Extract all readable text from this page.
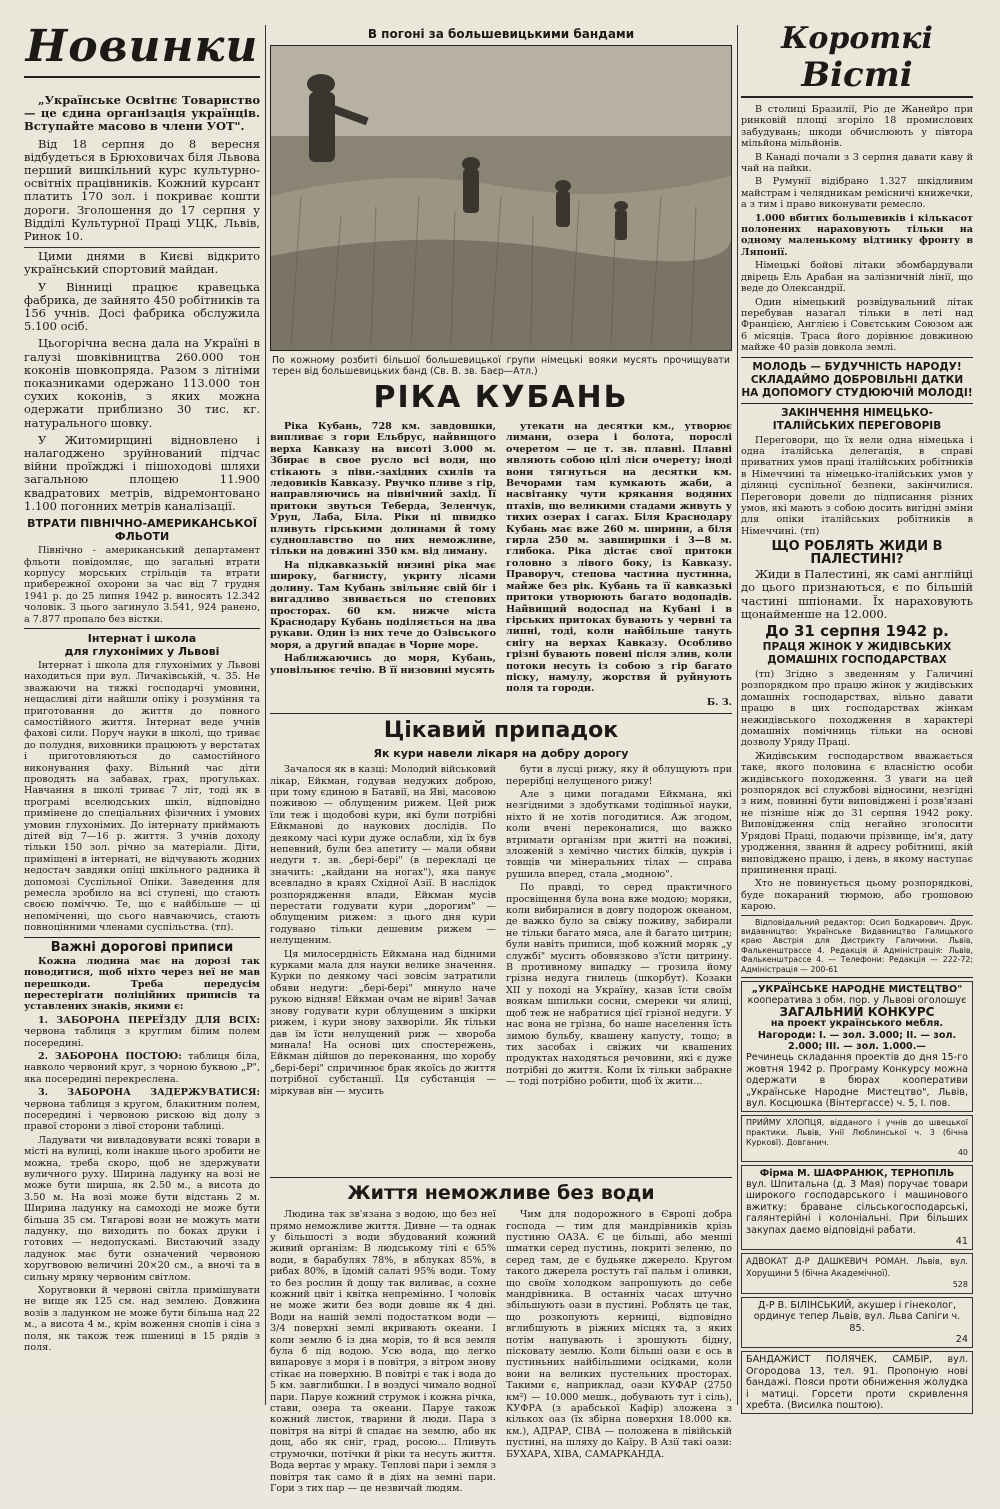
Новинки

„Українське Освітнє Товариство — це єдина організація українців. Вступайте масово в члени УОТ".

Від 18 серпня до 8 вересня відбудеться в Брюховичах біля Львова перший вишкільний курс культурно-освітніх працівників. Кожний курсант платить 170 зол. і покриває кошти дороги. Зголошення до 17 серпня у Відділі Культурної Праці УЦК, Львів, Ринок 10.

Цими днями в Києві відкрито український спортовий майдан.

У Вінниці працює кравецька фабрика, де зайнято 450 робітників та 156 учнів. Досі фабрика обслужила 5.100 осіб.

Цьогорічна весна дала на Україні в галузі шовківництва 260.000 тон коконів шовкопряда. Разом з літніми показниками одержано 113.000 тон сухих коконів, з яких можна одержати приблизно 30 тис. кг. натурального шовку.

У Житомирщині відновлено і налагоджено зруйнований підчас війни проїжджі і пішоходові шляхи загальною площею 11.900 квадратових метрів, відремонтовано 1.100 погонних метрів каналізації.

ВТРАТИ ПІВНІЧНО-АМЕРИКАНСЬКОЇ ФЛЬОТИ

Північно - американський департамент фльоти повідомляє, що загальні втрати корпусу морських стрільців та втрати прибережної охорони за час від 7 грудня 1941 р. до 25 липня 1942 р. виносять 12.342 чоловік. З цього загинуло 3.541, 924 ранено, а 7.877 пропало без вістки.

Інтернат і школа
для глухонімих у Львові

Інтернат і школа для глухонімих у Львові находиться при вул. Личаківській, ч. 35. Не зважаючи на тяжкі господарчі умовини, нещасливі діти найшли опіку і розуміння та приготовання до життя до повного самостійного життя. Інтернат веде учнів фахові сили. Поруч науки в школі, що триває до полудня, виховники працюють у верстатах і приготовляються до самостійного виконування фаху. Вільний час діти проводять на забавах, грах, прогульках. Навчання в школі триває 7 літ, тоді як в програмі вселюдських шкіл, відповідно примінене до спеціальних фізичних і умових умовин глухонімих. До інтернату приймають дітей від 7—16 р. життя. З учнів доходу тільки 150 зол. річно за матеріали. Діти, приміщені в інтернаті, не відчувають жодних недостач завдяки опіці шкільного радника й допомозі Суспільної Опіки. Заведення для ремесла зробило на всі ступені, що стають своєю поміччю. Те, що є найбільше — ці непоміченні, що сього навчаючись, стають повноцінними членами суспільства. (тп).

Важні дорогові приписи

Кожна людина має на дорозі так поводитися, щоб ніхто через неї не мав перешкоди. Треба передусім перестерігати поліційних приписів та уставлених знаків, якими є:

1. ЗАБОРОНА ПЕРЕЇЗДУ ДЛЯ ВСІХ: червона таблиця з круглим білим полем посередині.

2. ЗАБОРОНА ПОСТОЮ: таблиця біла, навколо червоний круг, з чорною буквою „Р", яка посередині перекреслена.

3. ЗАБОРОНА ЗАДЕРЖУВАТИСЯ: червона таблиця з кругом, блакитним полем, посередині і червоною рискою від долу з правої сторони з лівої сторони таблиці.

Ладувати чи вивладовувати всякі товари в місті на вулиці, коли інакше цього зробити не можна, треба скоро, щоб не здержувати вуличного руху. Ширина ладунку на возі не може бути ширша, як 2.50 м., а висота до 3.50 м. На возі може бути відстань 2 м. Ширина ладунку на самоході не може бути більша 35 см. Тягарові вози не можуть мати ладунку, що виходить по боках друки і готових — недопускамі. Вистаючий ззаду ладунок має бути означений червоною хоругвовою величині 20×20 см., а вночі та в сильну мряку червоним світлом.

Хоругвовки й червоні світла примішувати не вище як 125 см. над землею. Довжина возів з ладунком не може бути більша над 22 м., а висота 4 м., крім воження снопів і сіна з поля, як також теж пшениці в 15 рядів з поля.

В погоні за большевицькими бандами
По кожному розбиті більшої большевицької групи німецькі вояки мусять прочищувати терен від большевицьких банд (Св. В. зв. Баєр—Атл.)
РІКА КУБАНЬ

Ріка Кубань, 728 км. завдовшки, випливає з гори Ельбрус, найвищого верха Кавказу на висоті 3.000 м. Збирає в свое русло всі води, що стікають з півн.-західних схилів та ледовиків Кавказу. Рвучко пливе з гір, направляючись на північний захід. Її притоки звуться Теберда, Зеленчук, Уруп, Лаба, Біла. Ріки ці швидко пливуть гірськими долинами й тому судноплавство по них неможливе, тільки на довжині 350 км. від лиману.

На підкавказькій низині ріка має широку, багнисту, укриту лісами долину. Там Кубань звільняє свій біг і вигадливо звивається по степових просторах. 60 км. нижче міста Краснодару Кубань поділяється на два рукави. Один із них тече до Озівського моря, а другий впадає в Чорне море.

Наближаючись до моря, Кубань, уповільнює течію. В її низовині мусять

утекати на десятки км., утворює лимани, озера і болота, порослі очеретом — це т. зв. плавні. Плавні являють собою цілі ліси очерету; іноді вони тягнуться на десятки км. Вечорами там кумкають жаби, а насвітанку чути крякання водяних птахів, що великими стадами живуть у тихих озерах і сагах. Біля Краснодару Кубань має вже 260 м. ширини, а біля гирла 250 м. завширшки і 3—8 м. глибока. Ріка дістає свої притоки головно з лівого боку, із Кавказу. Праворуч, степова частина пустинна, майже без рік. Кубань та її кавказькі притоки утворюють багато водопадів. Найвищий водоспад на Кубані і в гірських притоках бувають у червні та липні, тоді, коли найбільше тануть снігу на верхах Кавказу. Особливо грізні бувають повені після злив, коли потоки несуть із собою з гір багато піску, намулу, жорствя й руйнують поля та городи.

Б. З.

Цікавий припадок
Як кури навели лікаря на добру дорогу

Зачалося як в казці: Молодий військовий лікар, Ейкман, годував недужих доброю, при тому єдиною в Батавії, на Яві, масовою поживою — облущеним рижем. Цей риж їли теж і щодобові кури, які були потрібні Ейкманові до наукових дослідів. По деякому часі кури дуже ослабли, хід їх був непевний, були без апетиту — мали обяви недуги т. зв. „бері-бері" (в перекладі це значить: „кайдани на ногах"), яка панує всевладно в краях Східної Азії. В наслідок розпорядження влади, Ейкман мусів перестати годувати кури „дорогим" — облущеним рижем: з цього дня кури годувано тільки дешевим рижем — нелущеним.

Ця милосердність Ейкмана над бідними курками мала для науки велике значення. Курки по деякому часі зовсім затратили обяви недуги: „бері-бері" минуло наче рукою відняв! Ейкман очам не вірив! Зачав знову годувати кури облущеним з шкірки рижем, і кури знову захворіли. Як тільки дав їм їсти нелущений риж — хвороба минала! На основі цих спостережень, Ейкман дійшов до переконання, що хоробу „бері-бері" спричинює брак якоїсь до життя потрібної субстанції. Ця субстанція — міркував він — мусить

бути в лусці рижу, яку й облущують при перерібці нелущеного рижу!

Але з цими погадами Ейкмана, які незгідними з здобутками тодішньої науки, ніхто й не хотів погодитися. Аж згодом, коли вчені переконалися, що важко втримати організм при житті на поживі, зложеній з хемічно чистих білків, цукрів і товщів чи мінеральних тілах — справа рушила вперед, стала „модною".

По правді, то серед практичного просвіщення була вона вже модою; моряки, коли вибиралися в довгу подорож океаном, де важко було за свіжу поживу, забирали не тільки багато мяса, але й багато цитрин; були навіть приписи, щоб кожний моряк „у службі" мусить обовязково з'їсти цитрину. В противному випадку — грозила йому грізна недуга гнилець (шкорбут). Козаки XII у поході на Україну, казав їсти своїм воякам шпильки сосни, смереки чи ялиці, щоб теж не набратися цієї грізної недуги. У нас вона не грізна, бо наше населення їсть зимою бульбу, квашену капусту, тощо; в тих засобах і свіжих чи квашених продуктах находяться речовини, які є дуже потрібні до життя. Коли їх тільки забракне — тоді потрібно робити, щоб їх жити...

Життя неможливе без води

Людина так зв'язана з водою, що без неї прямо неможливе життя. Дивне — та однак у більшості з води збудований кожний живий організм: В людському тілі є 65% води, в барабулях 78%, в яблуках 85%, в рибах 80%, в їдомій салаті 95% води. Тому то без рослин й дощу так виливає, а сохне кожний цвіт і квітка непремінно. І чоловік не може жити без води довше як 4 дні. Води на нашій землі подостатком води — 3/4 поверхні землі вкривають океани. І коли землю б із дна морів, то й вся земля була б під водою. Усю вода, що легко випаровує з моря і в повітря, з вітром знову стікає на поверхню. В повітрі є так і вода до 5 км. завглибшки. І в воздусі чимало водної пари. Паруе кожний струмок і кожна річка, стави, озера та океани. Паруе також кожний листок, тварини й люди. Пара з повітря на вітрі й спадає на землю, або як дощ, або як сніг, град, росою... Пливуть струмочки, потічки й ріки та несуть життя. Вода вертає у мраку. Теплові пари і земля з повітря так само й в діях на земні пари. Гори з тих пар — це незвичай людям.

Чим для подорожного в Європі добра господа — тим для мандрівників крізь пустиню ОАЗА. Є це більші, або менші шматки серед пустинь, покриті зеленю, по серед там, де є будьяке джерело. Кругом такого джерела ростуть гаї пальм і оливки, що своїм холодком запрошують до себе мандрівника. В останніх часах штучно збільшують оази в пустині. Роблять це так, що розкопують керниці, відповідно вглибшують в ріжних місцях та, з яких потім напувають і зрошують бідну, пісковату землю. Коли більші оази є ось в пустиньних найбільшими осідками, коли вони на великих пустельних просторах. Такими є, наприклад, оази КУФАР (2750 км²) — 10.000 мешк., добувають тут і сіль), КУФРА (з арабської Кафір) зложена з кількох оаз (їх збірна поверхня 18.000 кв. км.), АДРАР, СІВА — положена в лівійській пустині, на шляху до Каїру. В Азії такі оази: БУХАРА, ХІВА, САМАРКАНДА.

Короткі
Вісті

В столиці Бразилії, Ріо де Жанейро при ринковій площі згоріло 18 промислових забудувань; шкоди обчислюють у півтора мільйона мільйонів.

В Канаді почали з 3 серпня давати каву й чай на пайки.

В Румунії відібрано 1.327 шкідливим майстрам і челядникам ремісничі книжечки, а з тим і право виконувати ремесло.

1.000 вбитих большевиків і кількасот полонених нараховують тільки на одному маленькому відтинку фронту в Ляпонії.

Німецькі бойові літаки збомбардували двірець Ель Арабан на залізничній лінії, що веде до Олександрії.

Один німецький розвідувальний літак перебував назагал тільки в леті над Францією, Англією і Совєтським Союзом аж 6 місяців. Траса його дорівнює довжиною майже 40 разів довкола землі.

МОЛОДЬ — БУДУЧНІСТЬ НАРОДУ! СКЛАДАЙМО ДОБРОВІЛЬНІ ДАТКИ НА ДОПОМОГУ СТУДЮЮЧІЙ МОЛОДІ!
ЗАКІНЧЕННЯ НІМЕЦЬКО-ІТАЛІЙСЬКИХ ПЕРЕГОВОРІВ

Переговори, що їх вели одна німецька і одна італійська делегація, в справі приватних умов праці італійських робітників в Німеччині та німецько-італійських умов у ділянці суспільної безпеки, закінчилися. Переговори довели до підписання різних умов, які мають з собою досить вигідні зміни для опіки італійських робітників в Німеччині. (тп)

ЩО РОБЛЯТЬ ЖИДИ В ПАЛЕСТИНІ?

Жиди в Палестині, як самі англійці до цього признаються, є по більшій частині шпіонами. Їх нараховують щонайменше на 12.000.

До 31 серпня 1942 р.
ПРАЦЯ ЖІНОК У ЖИДІВСЬКИХ ДОМАШНІХ ГОСПОДАРСТВАХ

(тп) Згідно з зведенням у Галичині розпорядком про працю жінок у жидівських домашніх господарствах, вільно давати працю в цих господарствах жінкам нежидівського походження в характері домашніх помічниць тільки на основі дозволу Уряду Праці.

Жидівським господарством вважається таке, якого половина є власністю особи жидівського походження. З уваги на цей розпорядок всі службові відносини, незгідні з ним, повинні бути виповіджені і розв'язані не пізніше ніж до 31 серпня 1942 року. Виповідження слід негайно зголосити Урядові Праці, подаючи прізвище, ім'я, дату уродження, звання й адресу робітниці, якій виповіджено працю, і день, в якому наступає припинення праці.

Хто не повинується цьому розпорядкові, буде покараний тюрмою, або грошовою карою.

Відповідальний редактор: Осип Бодкарович. Друк. видавництво: Українське Видавництво Галицького краю Австрія для Дистрикту Галичини. Львів, Фалькенштрассе 4. Редакція й Адміністрація: Львів, Фалькенштрассе 4. — Телефони: Редакція — 222-72; Адміністрація — 200-61

„УКРАЇНСЬКЕ НАРОДНЕ МИСТЕЦТВО"
кооператива з обм. пор. у Львові оголошує
ЗАГАЛЬНИЙ КОНКУРС
на проект українського мебля.
Нагороди: I. — зол. 3.000; II. — зол. 2.000; III. — зол. 1.000.—
Речинець складання проектів до дня 15-го жовтня 1942 р. Програму Конкурсу можна одержати в бюрах кооперативи „Українське Народне Мистецтво", Львів, вул. Косцюшка (Вінтергассе) ч. 5, І. пов.
ПРИЙМУ ХЛОПЦЯ, відданого і учнів до швецької практики. Львів, Унії Люблинської ч. 3 (бічна Курковї). Довганич.
40
Фірма М. ШАФРАНЮК, ТЕРНОПІЛЬ
вул. Шпитальна (д. 3 Мая) поручає товари широкого господарського і машинового вжитку: браване сільськогосподарські, галянтерійні і колоніальні. При більших закупах даємо відповідні рабати.
41
АДВОКАТ Д-Р ДАШКЕВИЧ РОМАН. Львів, вул. Хорущини 5 (бічна Академічної).
528
Д-Р В. БІЛІНСЬКИЙ, акушер і гінеколог, ординує тепер Львів, вул. Льва Сапіги ч. 85.
24
БАНДАЖИСТ ПОЛЯЧЕК, САМБІР, вул. Огородова 13, тел. 91. Пропоную нові бандажі. Пояси проти обниження жолудка і матиці. Горсети проти скривлення хребта. (Висилка поштою).
